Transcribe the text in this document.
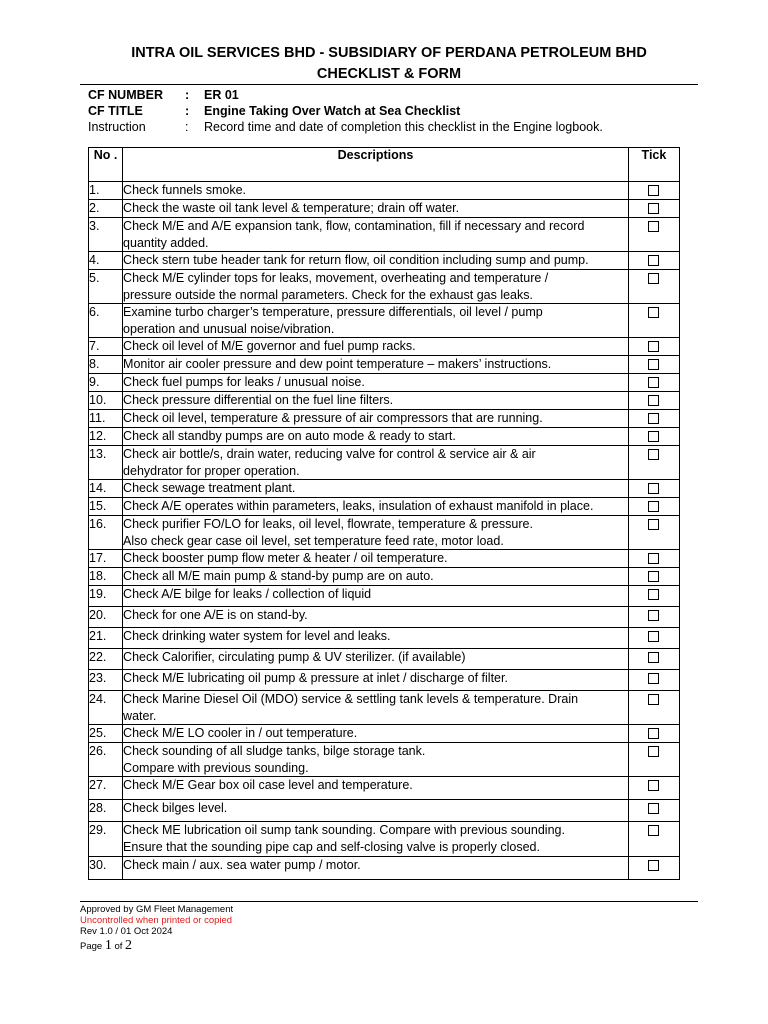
INTRA OIL SERVICES BHD - SUBSIDIARY OF PERDANA PETROLEUM BHD
CHECKLIST & FORM
CF NUMBER	:	ER 01
CF TITLE	:	Engine Taking Over Watch at Sea Checklist
Instruction	:	Record time and date of completion this checklist in the Engine logbook.
No .	Descriptions	Tick
1.	Check funnels smoke.	

2.	Check the waste oil tank level & temperature; drain off water.	

3.	Check M/E and A/E expansion tank, flow, contamination, fill if necessary and record
quantity added.	

4.	Check stern tube header tank for return flow, oil condition including sump and pump.	

5.	Check M/E cylinder tops for leaks, movement, overheating and temperature /
pressure outside the normal parameters. Check for the exhaust gas leaks.	

6.	Examine turbo charger’s temperature, pressure differentials, oil level / pump
operation and unusual noise/vibration.	

7.	Check oil level of M/E governor and fuel pump racks.	

8.	Monitor air cooler pressure and dew point temperature – makers’ instructions.	

9.	Check fuel pumps for leaks / unusual noise.	

10.	Check pressure differential on the fuel line filters.	

11.	Check oil level, temperature & pressure of air compressors that are running.	

12.	Check all standby pumps are on auto mode & ready to start.	

13.	Check air bottle/s, drain water, reducing valve for control & service air & air
dehydrator for proper operation.	

14.	Check sewage treatment plant.	

15.	Check A/E operates within parameters, leaks, insulation of exhaust manifold in place.	

16.	Check purifier FO/LO for leaks, oil level, flowrate, temperature & pressure.
Also check gear case oil level, set temperature feed rate, motor load.	

17.	Check booster pump flow meter & heater / oil temperature.	

18.	Check all M/E main pump & stand-by pump are on auto.	

19.	Check A/E bilge for leaks / collection of liquid	

20.	Check for one A/E is on stand-by.	

21.	Check drinking water system for level and leaks.	

22.	Check Calorifier, circulating pump & UV sterilizer. (if available)	

23.	Check M/E lubricating oil pump & pressure at inlet / discharge of filter.	

24.	Check Marine Diesel Oil (MDO) service & settling tank levels & temperature. Drain
water.	

25.	Check M/E LO cooler in / out temperature.	

26.	Check sounding of all sludge tanks, bilge storage tank.
Compare with previous sounding.	

27.	Check M/E Gear box oil case level and temperature.	

28.	Check bilges level.	

29.	Check ME lubrication oil sump tank sounding. Compare with previous sounding.
Ensure that the sounding pipe cap and self-closing valve is properly closed.	

30.	Check main / aux. sea water pump / motor.	

Approved by GM Fleet Management
Uncontrolled when printed or copied
Rev 1.0 / 01 Oct 2024
Page 1 of 2
